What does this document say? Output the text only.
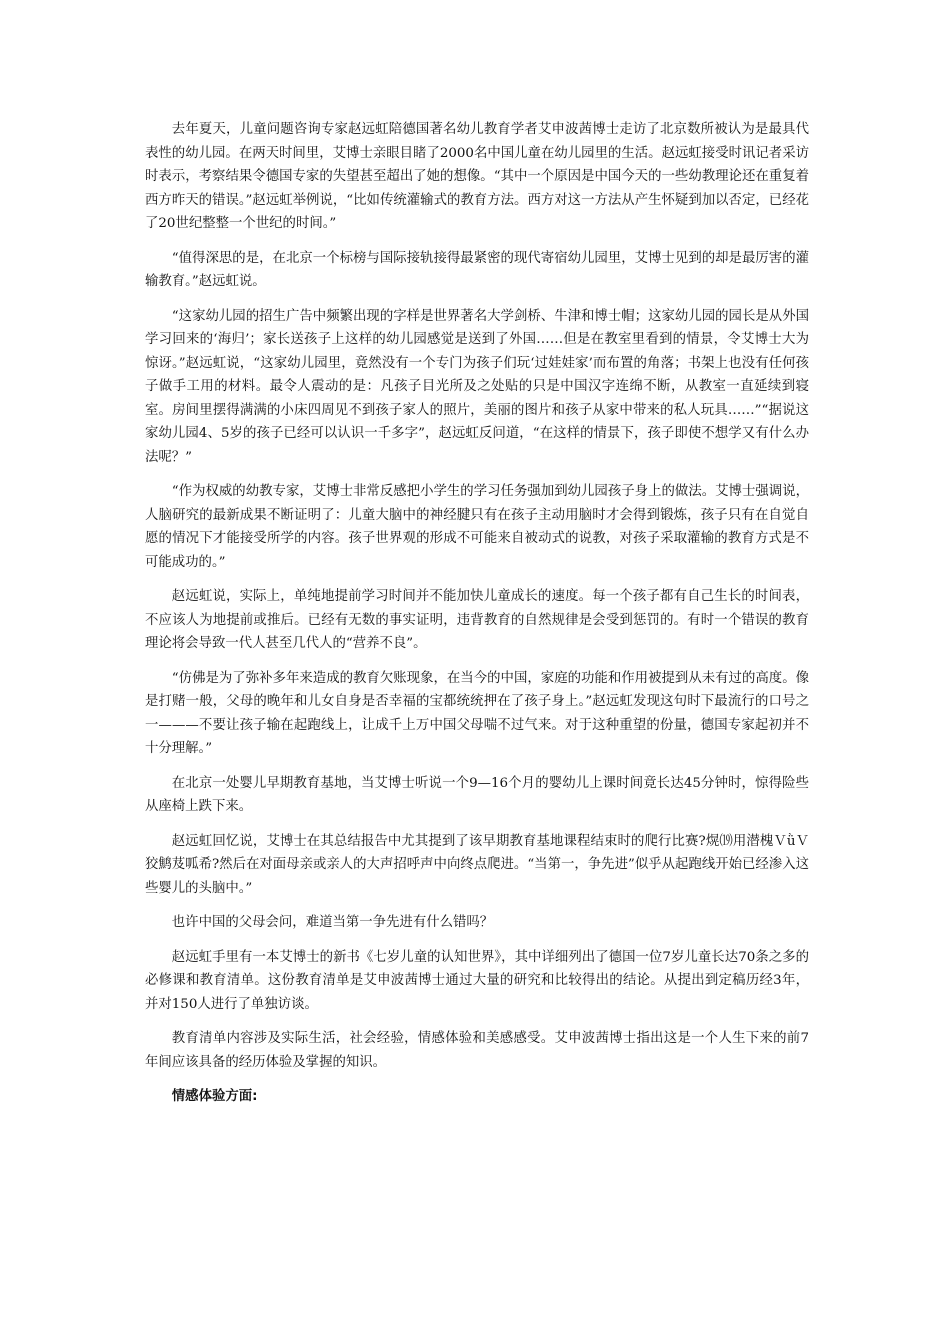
去年夏天，儿童问题咨询专家赵远虹陪德国著名幼儿教育学者艾申波茜博士走访了北京数所被认为是最具代表性的幼儿园。在两天时间里，艾博士亲眼目睹了2000名中国儿童在幼儿园里的生活。赵远虹接受时讯记者采访时表示，考察结果令德国专家的失望甚至超出了她的想像。“其中一个原因是中国今天的一些幼教理论还在重复着西方昨天的错误。”赵远虹举例说，“比如传统灌输式的教育方法。西方对这一方法从产生怀疑到加以否定，已经花了20世纪整整一个世纪的时间。”

“值得深思的是，在北京一个标榜与国际接轨接得最紧密的现代寄宿幼儿园里，艾博士见到的却是最厉害的灌输教育。”赵远虹说。

“这家幼儿园的招生广告中频繁出现的字样是世界著名大学剑桥、牛津和博士帽；这家幼儿园的园长是从外国学习回来的‘海归’；家长送孩子上这样的幼儿园感觉是送到了外国……但是在教室里看到的情景，令艾博士大为惊讶。”赵远虹说，“这家幼儿园里，竟然没有一个专门为孩子们玩‘过娃娃家’而布置的角落；书架上也没有任何孩子做手工用的材料。最令人震动的是：凡孩子目光所及之处贴的只是中国汉字连绵不断，从教室一直延续到寝室。房间里摆得满满的小床四周见不到孩子家人的照片，美丽的图片和孩子从家中带来的私人玩具……”“据说这家幼儿园4、5岁的孩子已经可以认识一千多字”，赵远虹反问道，“在这样的情景下，孩子即使不想学又有什么办法呢？”

“作为权威的幼教专家，艾博士非常反感把小学生的学习任务强加到幼儿园孩子身上的做法。艾博士强调说，人脑研究的最新成果不断证明了：儿童大脑中的神经腱只有在孩子主动用脑时才会得到锻炼，孩子只有在自觉自愿的情况下才能接受所学的内容。孩子世界观的形成不可能来自被动式的说教，对孩子采取灌输的教育方式是不可能成功的。”

赵远虹说，实际上，单纯地提前学习时间并不能加快儿童成长的速度。每一个孩子都有自己生长的时间表，不应该人为地提前或推后。已经有无数的事实证明，违背教育的自然规律是会受到惩罚的。有时一个错误的教育理论将会导致一代人甚至几代人的“营养不良”。

“仿佛是为了弥补多年来造成的教育欠账现象，在当今的中国，家庭的功能和作用被提到从未有过的高度。像是打赌一般，父母的晚年和儿女自身是否幸福的宝都统统押在了孩子身上。”赵远虹发现这句时下最流行的口号之一———不要让孩子输在起跑线上，让成千上万中国父母喘不过气来。对于这种重望的份量，德国专家起初并不十分理解。”

在北京一处婴儿早期教育基地，当艾博士听说一个9—16个月的婴幼儿上课时间竟长达45分钟时，惊得险些从座椅上跌下来。

赵远虹回忆说，艾博士在其总结报告中尤其提到了该早期教育基地课程结束时的爬行比赛?熀⒆用潜槐ＶǜＶ狡鹪芨呱希?然后在对面母亲或亲人的大声招呼声中向终点爬进。“当第一，争先进”似乎从起跑线开始已经渗入这些婴儿的头脑中。”

也许中国的父母会问，难道当第一争先进有什么错吗？

赵远虹手里有一本艾博士的新书《七岁儿童的认知世界》，其中详细列出了德国一位7岁儿童长达70条之多的必修课和教育清单。这份教育清单是艾申波茜博士通过大量的研究和比较得出的结论。从提出到定稿历经3年，并对150人进行了单独访谈。

教育清单内容涉及实际生活，社会经验，情感体验和美感感受。艾申波茜博士指出这是一个人生下来的前7年间应该具备的经历体验及掌握的知识。

情感体验方面:
